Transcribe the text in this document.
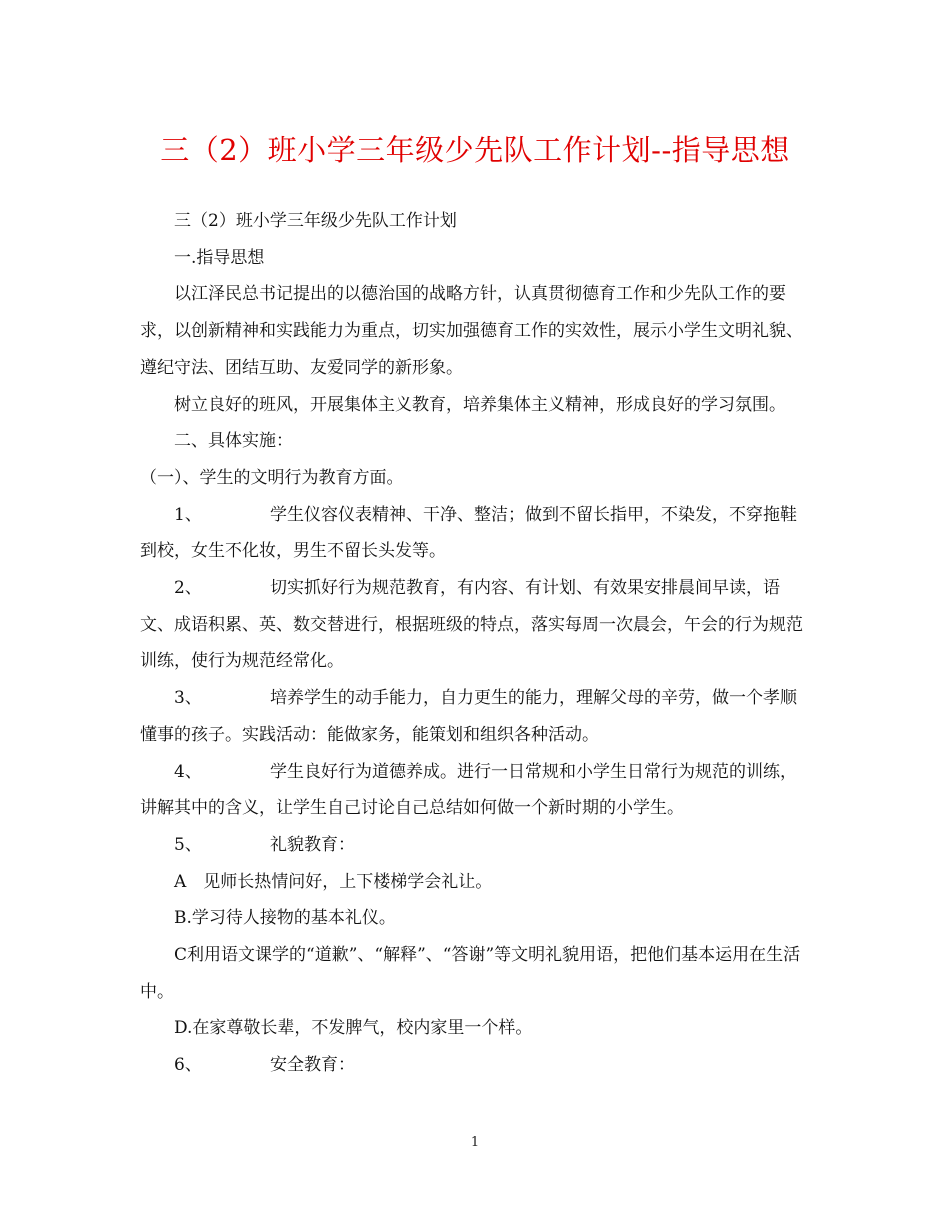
三（2）班小学三年级少先队工作计划--指导思想

三（2）班小学三年级少先队工作计划

一.指导思想

以江泽民总书记提出的以德治国的战略方针，认真贯彻德育工作和少先队工作的要求，以创新精神和实践能力为重点，切实加强德育工作的实效性，展示小学生文明礼貌、遵纪守法、团结互助、友爱同学的新形象。

树立良好的班风，开展集体主义教育，培养集体主义精神，形成良好的学习氛围。

二、具体实施：

（一）、学生的文明行为教育方面。

1、	学生仪容仪表精神、干净、整洁；做到不留长指甲，不染发，不穿拖鞋到校，女生不化妆，男生不留长头发等。

2、	切实抓好行为规范教育，有内容、有计划、有效果安排晨间早读，语文、成语积累、英、数交替进行，根据班级的特点，落实每周一次晨会，午会的行为规范训练，使行为规范经常化。

3、	培养学生的动手能力，自力更生的能力，理解父母的辛劳，做一个孝顺懂事的孩子。实践活动：能做家务，能策划和组织各种活动。

4、	学生良好行为道德养成。进行一日常规和小学生日常行为规范的训练，讲解其中的含义，让学生自己讨论自己总结如何做一个新时期的小学生。

5、	礼貌教育：

A　见师长热情问好，上下楼梯学会礼让。

B.学习待人接物的基本礼仪。

C利用语文课学的“道歉”、“解释”、“答谢”等文明礼貌用语，把他们基本运用在生活中。

D.在家尊敬长辈，不发脾气，校内家里一个样。

6、	安全教育：

1
